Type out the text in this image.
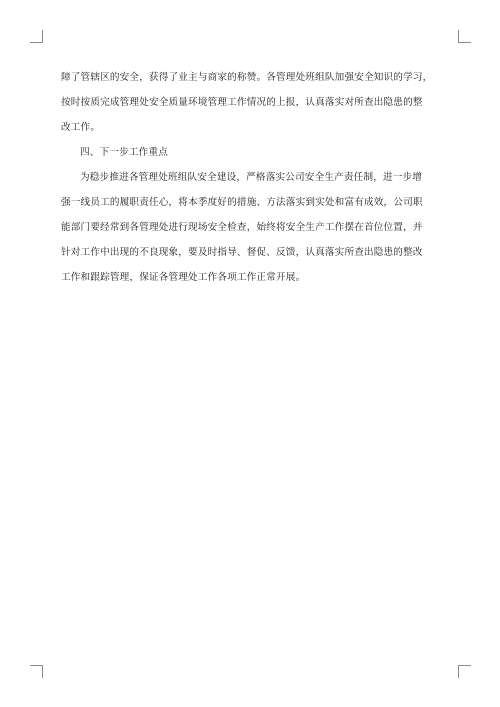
障了管辖区的安全，获得了业主与商家的称赞。各管理处班组队加强安全知识的学习，
按时按质完成管理处安全质量环境管理工作情况的上报，认真落实对所查出隐患的整
改工作。
四、下一步工作重点
为稳步推进各管理处班组队安全建设，严格落实公司安全生产责任制，进一步增
强一线员工的履职责任心，将本季度好的措施、方法落实到实处和富有成效，公司职
能部门要经常到各管理处进行现场安全检查，始终将安全生产工作摆在首位位置，并
针对工作中出现的不良现象，要及时指导、督促、反馈，认真落实所查出隐患的整改
工作和跟踪管理，保证各管理处工作各项工作正常开展。
